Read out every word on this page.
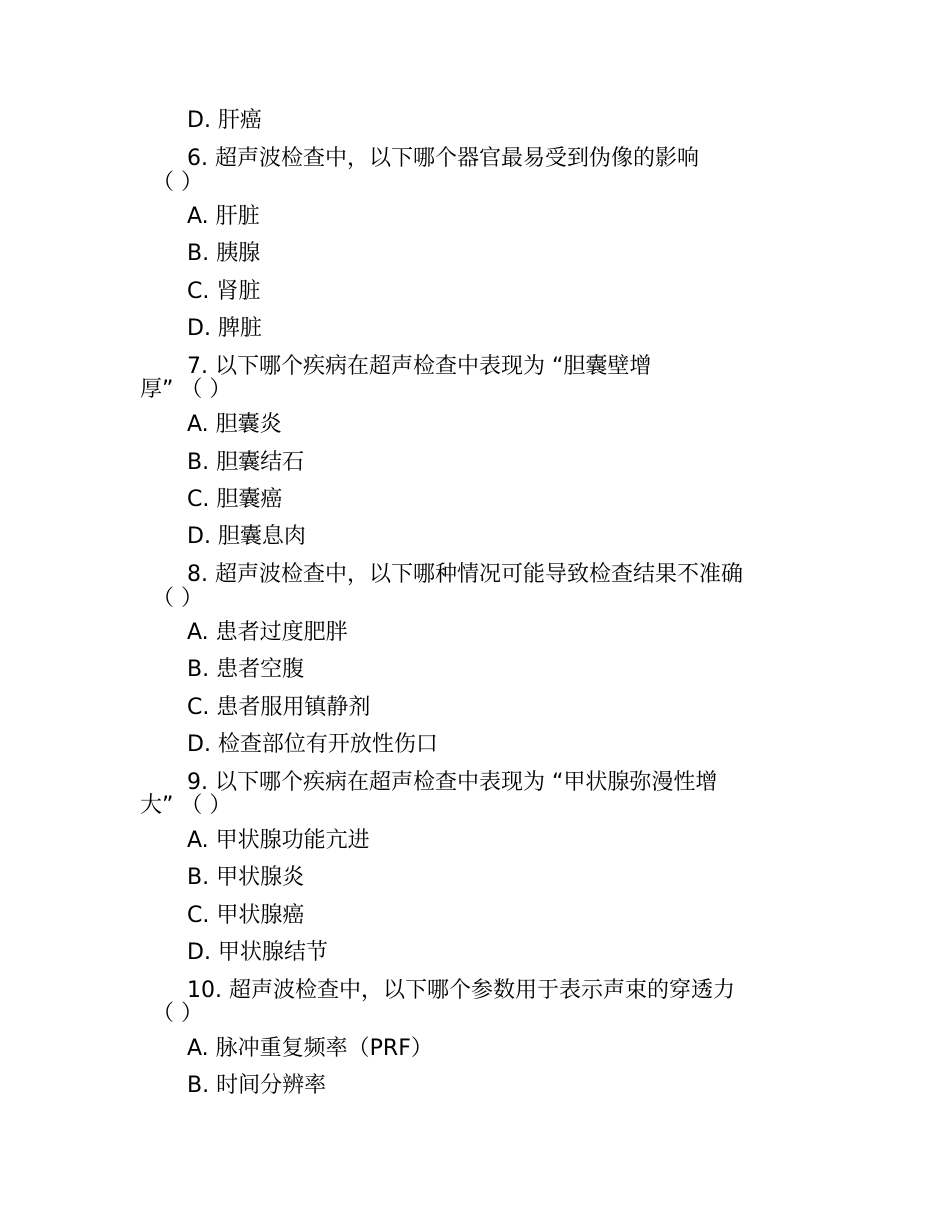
D. 肝癌
6. 超声波检查中，以下哪个器官最易受到伪像的影响
（ ）
A. 肝脏
B. 胰腺
C. 肾脏
D. 脾脏
7. 以下哪个疾病在超声检查中表现为 “胆囊壁增
厚” （ ）
A. 胆囊炎
B. 胆囊结石
C. 胆囊癌
D. 胆囊息肉
8. 超声波检查中，以下哪种情况可能导致检查结果不准确
（ ）
A. 患者过度肥胖
B. 患者空腹
C. 患者服用镇静剂
D. 检查部位有开放性伤口
9. 以下哪个疾病在超声检查中表现为 “甲状腺弥漫性增
大” （ ）
A. 甲状腺功能亢进
B. 甲状腺炎
C. 甲状腺癌
D. 甲状腺结节
10. 超声波检查中，以下哪个参数用于表示声束的穿透力
（ ）
A. 脉冲重复频率（PRF）
B. 时间分辨率
